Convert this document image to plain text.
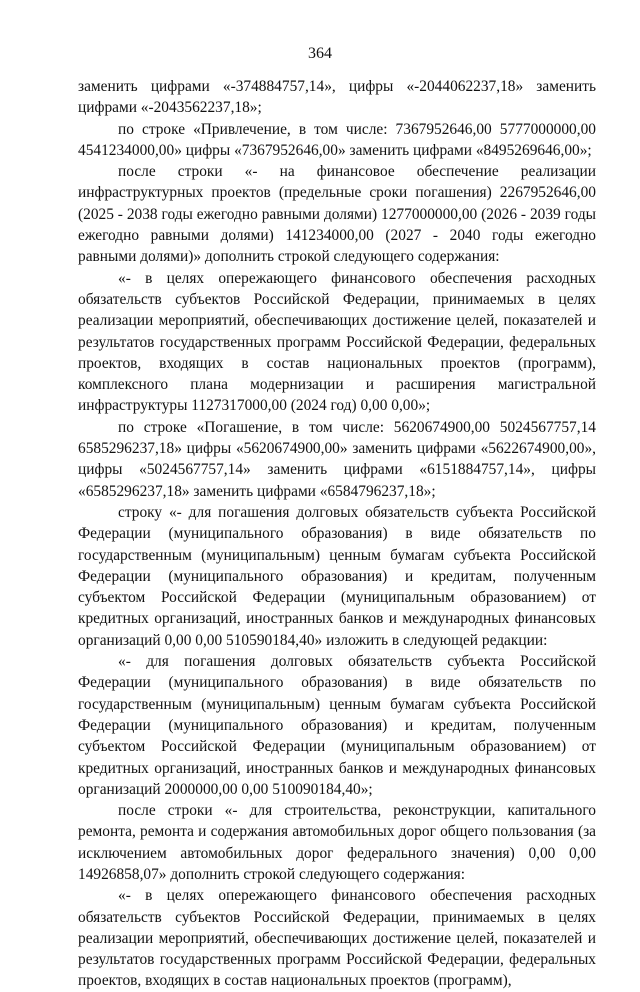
364

заменить цифрами «-374884757,14», цифры «-2044062237,18» заменить цифрами «-2043562237,18»;

по строке «Привлечение, в том числе: 7367952646,00 5777000000,00 4541234000,00» цифры «7367952646,00» заменить цифрами «8495269646,00»;

после строки «- на финансовое обеспечение реализации инфраструктурных проектов (предельные сроки погашения) 2267952646,00 (2025 - 2038 годы ежегодно равными долями) 1277000000,00 (2026 - 2039 годы ежегодно равными долями) 141234000,00 (2027 - 2040 годы ежегодно равными долями)» дополнить строкой следующего содержания:

«- в целях опережающего финансового обеспечения расходных обязательств субъектов Российской Федерации, принимаемых в целях реализации мероприятий, обеспечивающих достижение целей, показателей и результатов государственных программ Российской Федерации, федеральных проектов, входящих в состав национальных проектов (программ), комплексного плана модернизации и расширения магистральной инфраструктуры 1127317000,00 (2024 год) 0,00 0,00»;

по строке «Погашение, в том числе: 5620674900,00 5024567757,14 6585296237,18» цифры «5620674900,00» заменить цифрами «5622674900,00», цифры «5024567757,14» заменить цифрами «6151884757,14», цифры «6585296237,18» заменить цифрами «6584796237,18»;

строку «- для погашения долговых обязательств субъекта Российской Федерации (муниципального образования) в виде обязательств по государственным (муниципальным) ценным бумагам субъекта Российской Федерации (муниципального образования) и кредитам, полученным субъектом Российской Федерации (муниципальным образованием) от кредитных организаций, иностранных банков и международных финансовых организаций 0,00 0,00 510590184,40» изложить в следующей редакции:

«- для погашения долговых обязательств субъекта Российской Федерации (муниципального образования) в виде обязательств по государственным (муниципальным) ценным бумагам субъекта Российской Федерации (муниципального образования) и кредитам, полученным субъектом Российской Федерации (муниципальным образованием) от кредитных организаций, иностранных банков и международных финансовых организаций 2000000,00 0,00 510090184,40»;

после строки «- для строительства, реконструкции, капитального ремонта, ремонта и содержания автомобильных дорог общего пользования (за исключением автомобильных дорог федерального значения) 0,00 0,00 14926858,07» дополнить строкой следующего содержания:

«- в целях опережающего финансового обеспечения расходных обязательств субъектов Российской Федерации, принимаемых в целях реализации мероприятий, обеспечивающих достижение целей, показателей и результатов государственных программ Российской Федерации, федеральных проектов, входящих в состав национальных проектов (программ),
